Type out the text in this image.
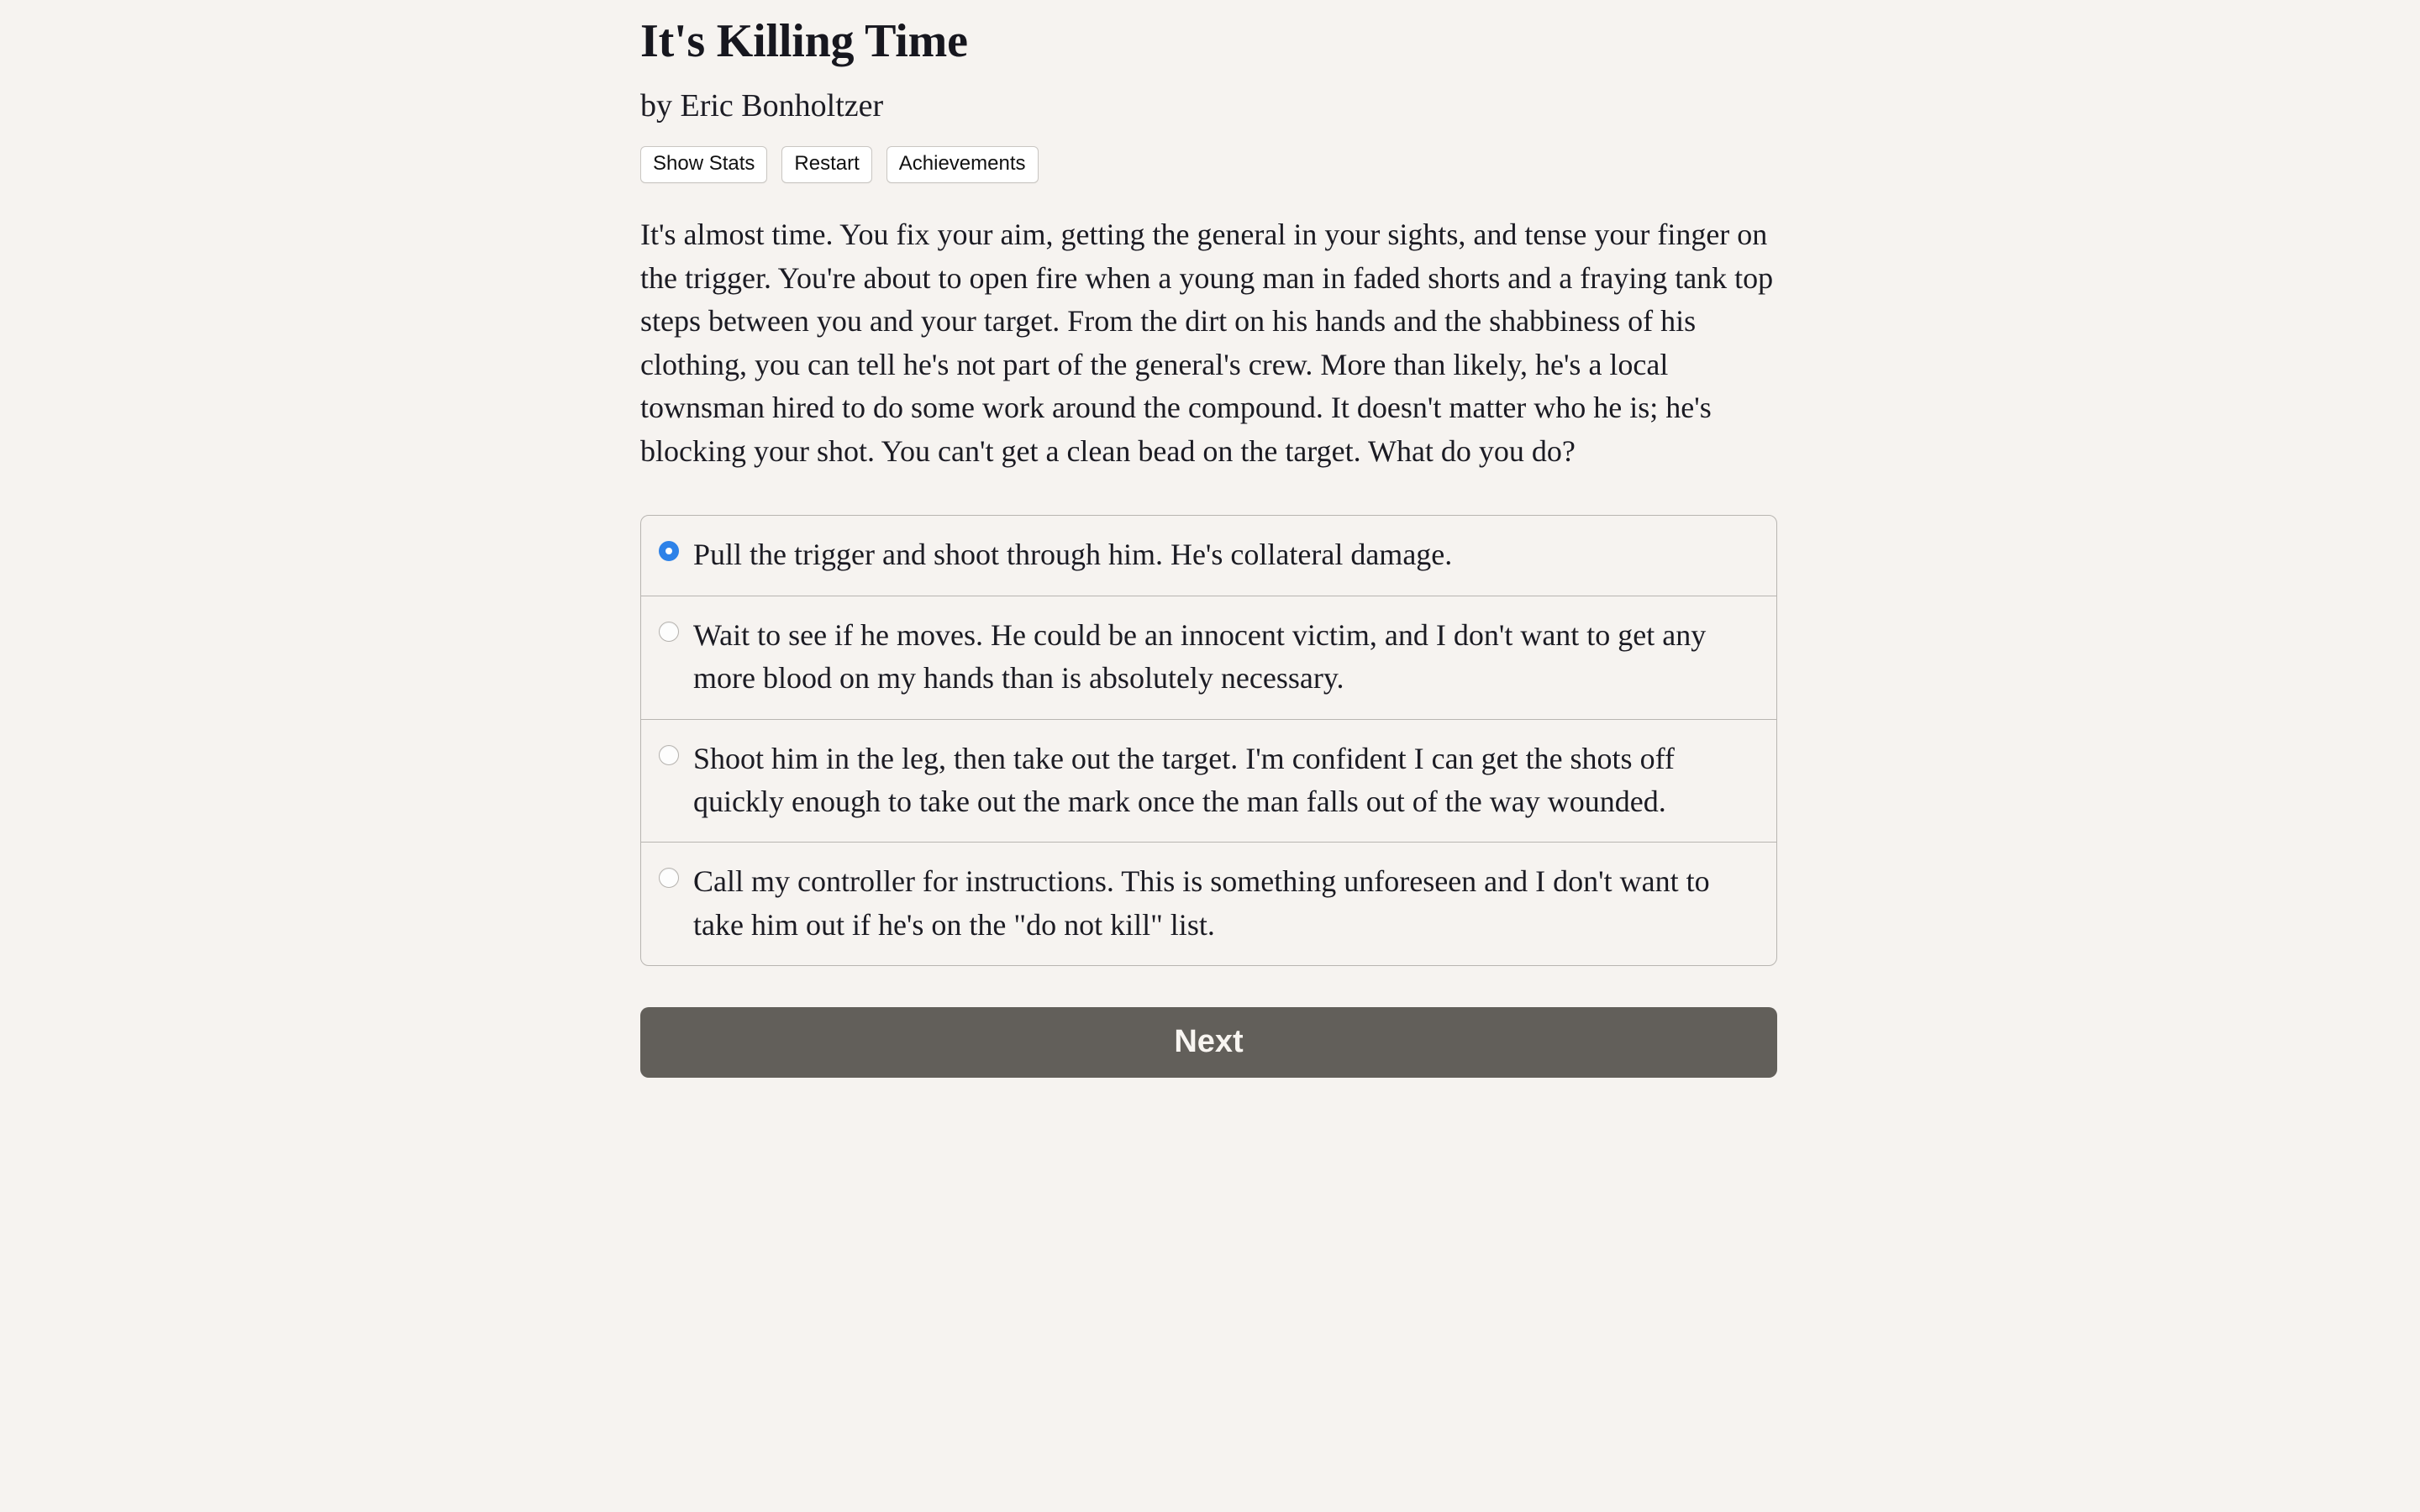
It's Killing Time
by Eric Bonholtzer
Show Stats	Restart	Achievements

It's almost time. You fix your aim, getting the general in your sights, and tense your finger on the trigger. You're about to open fire when a young man in faded shorts and a fraying tank top steps between you and your target. From the dirt on his hands and the shabbiness of his clothing, you can tell he's not part of the general's crew. More than likely, he's a local townsman hired to do some work around the compound. It doesn't matter who he is; he's blocking your shot. You can't get a clean bead on the target. What do you do?

Pull the trigger and shoot through him. He's collateral damage.
Wait to see if he moves. He could be an innocent victim, and I don't want to get any more blood on my hands than is absolutely necessary.
Shoot him in the leg, then take out the target. I'm confident I can get the shots off quickly enough to take out the mark once the man falls out of the way wounded.
Call my controller for instructions. This is something unforeseen and I don't want to take him out if he's on the "do not kill" list.
Next
